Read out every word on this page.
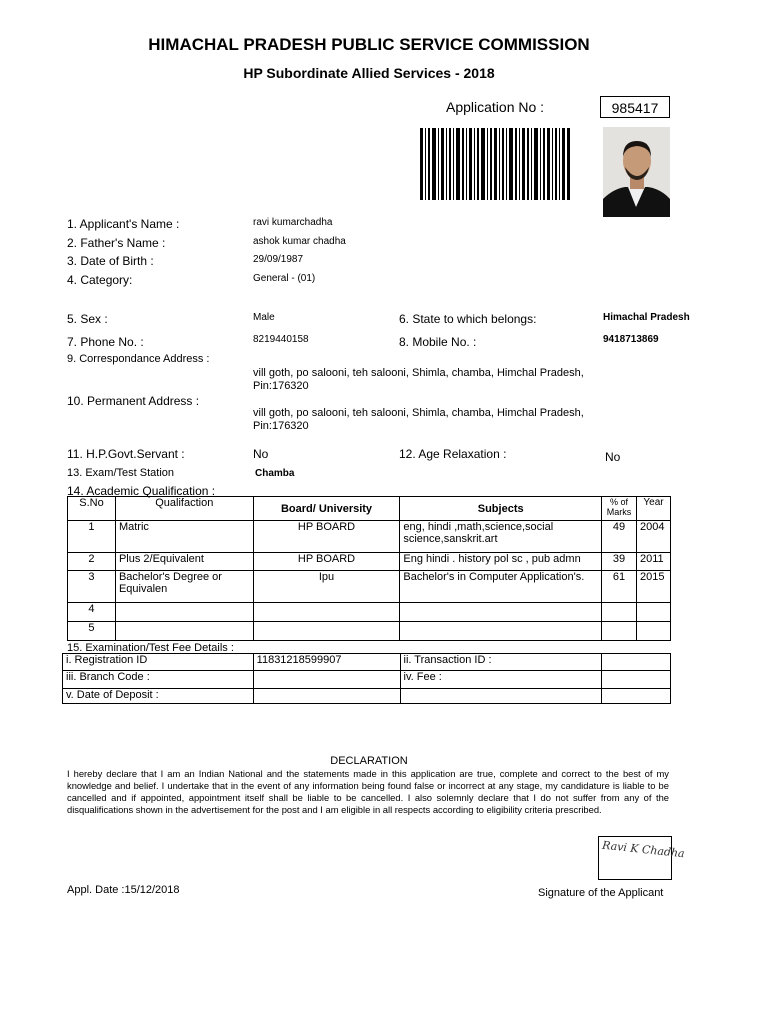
HIMACHAL PRADESH PUBLIC SERVICE COMMISSION
HP Subordinate Allied Services - 2018
Application No :	985417
1. Applicant's Name :	ravi kumarchadha
2. Father's Name :	ashok kumar chadha
3. Date of Birth :	29/09/1987
4. Category:	General - (01)
5. Sex :	Male	6. State to which belongs:	Himachal Pradesh
7. Phone No. :	8219440158	8. Mobile No. :	9418713869
9. Correspondance Address :
vill goth, po salooni, teh salooni, Shimla, chamba, Himchal Pradesh, Pin:176320
10. Permanent Address :
vill goth, po salooni, teh salooni, Shimla, chamba, Himchal Pradesh, Pin:176320
11. H.P.Govt.Servant :	No	12. Age Relaxation :	No
13. Exam/Test Station	Chamba
14. Academic Qualification :
S.No	Qualifaction	Board/ University	Subjects	% of Marks	Year
1	Matric	HP BOARD	eng, hindi ,math,science,social science,sanskrit.art	49	2004
2	Plus 2/Equivalent	HP BOARD	Eng hindi . history pol sc , pub admn	39	2011
3	Bachelor's Degree or Equivalen	Ipu	Bachelor's in Computer Application's.	61	2015
4					
5					
15. Examination/Test Fee Details :
i. Registration ID	11831218599907	ii. Transaction ID :	
iii. Branch Code :		iv. Fee :	
v. Date of Deposit :			
DECLARATION
I hereby declare that I am an Indian National and the statements made in this application are true, complete and correct to the best of my knowledge and belief. I undertake that in the event of any information being found false or incorrect at any stage, my candidature is liable to be cancelled and if appointed, appointment itself shall be liable to be cancelled. I also solemnly declare that I do not suffer from any of the disqualifications shown in the advertisement for the post and I am eligible in all respects according to eligibility criteria prescribed.
Ravi K Chadha
Appl. Date :15/12/2018	Signature of the Applicant
